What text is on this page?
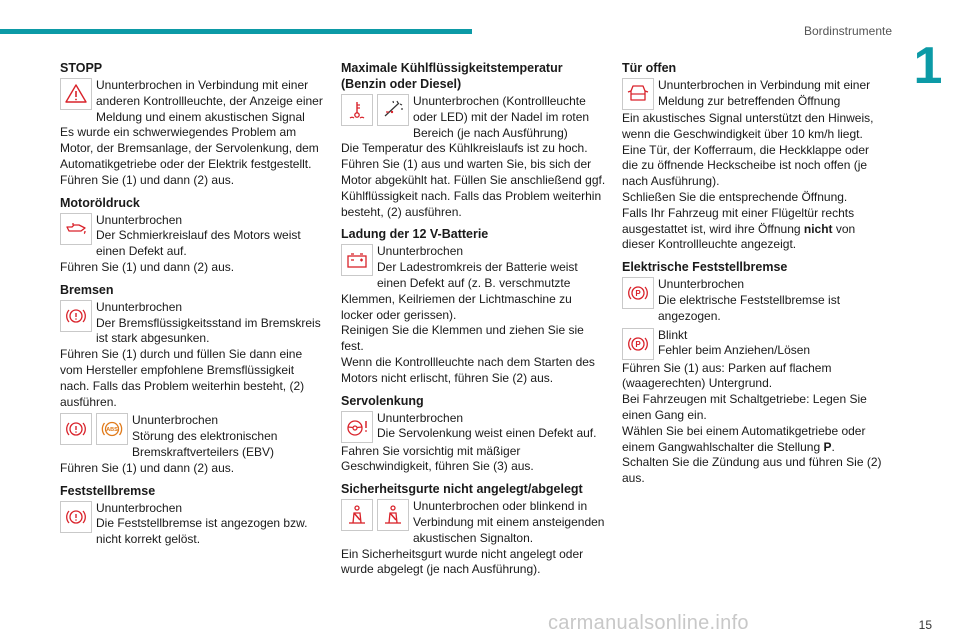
Bordinstrumente
1
STOPP
Ununterbrochen in Verbindung mit einer anderen Kontrollleuchte, der Anzeige einer Meldung und einem akustischen Signal
Es wurde ein schwerwiegendes Problem am Motor, der Bremsanlage, der Servolenkung, dem Automatikgetriebe oder der Elektrik festgestellt.
Führen Sie (1) und dann (2) aus.
Motoröldruck
Ununterbrochen
Der Schmierkreislauf des Motors weist einen Defekt auf.
Führen Sie (1) und dann (2) aus.
Bremsen
Ununterbrochen
Der Bremsflüssigkeitsstand im Bremskreis ist stark abgesunken.
Führen Sie (1) durch und füllen Sie dann eine vom Hersteller empfohlene Bremsflüssigkeit nach. Falls das Problem weiterhin besteht, (2) ausführen.
ABS
Ununterbrochen
Störung des elektronischen Bremskraftverteilers (EBV)
Führen Sie (1) und dann (2) aus.
Feststellbremse
Ununterbrochen
Die Feststellbremse ist angezogen bzw. nicht korrekt gelöst.
Maximale Kühlflüssigkeitstemperatur (Benzin oder Diesel)
Ununterbrochen (Kontrollleuchte oder LED) mit der Nadel im roten Bereich (je nach Ausführung)
Die Temperatur des Kühlkreislaufs ist zu hoch.
Führen Sie (1) aus und warten Sie, bis sich der Motor abgekühlt hat. Füllen Sie anschließend ggf. Kühlflüssigkeit nach. Falls das Problem weiterhin besteht, (2) ausführen.
Ladung der 12 V-Batterie
Ununterbrochen
Der Ladestromkreis der Batterie weist einen Defekt auf (z. B. verschmutzte Klemmen, Keilriemen der Lichtmaschine zu locker oder gerissen).
Reinigen Sie die Klemmen und ziehen Sie sie fest.
Wenn die Kontrollleuchte nach dem Starten des Motors nicht erlischt, führen Sie (2) aus.
Servolenkung
Ununterbrochen
Die Servolenkung weist einen Defekt auf.
Fahren Sie vorsichtig mit mäßiger Geschwindigkeit, führen Sie (3) aus.
Sicherheitsgurte nicht angelegt/abgelegt
Ununterbrochen oder blinkend in Verbindung mit einem ansteigenden akustischen Signalton.
Ein Sicherheitsgurt wurde nicht angelegt oder wurde abgelegt (je nach Ausführung).
Tür offen
Ununterbrochen in Verbindung mit einer Meldung zur betreffenden Öffnung
Ein akustisches Signal unterstützt den Hinweis, wenn die Geschwindigkeit über 10 km/h liegt.
Eine Tür, der Kofferraum, die Heckklappe oder die zu öffnende Heckscheibe ist noch offen (je nach Ausführung).
Schließen Sie die entsprechende Öffnung.
Falls Ihr Fahrzeug mit einer Flügeltür rechts ausgestattet ist, wird ihre Öffnung nicht von dieser Kontrollleuchte angezeigt.
Elektrische Feststellbremse
P
Ununterbrochen
Die elektrische Feststellbremse ist angezogen.
P
Blinkt
Fehler beim Anziehen/Lösen
Führen Sie (1) aus: Parken auf flachem (waagerechten) Untergrund.
Bei Fahrzeugen mit Schaltgetriebe: Legen Sie einen Gang ein.
Wählen Sie bei einem Automatikgetriebe oder einem Gangwahlschalter die Stellung P.
Schalten Sie die Zündung aus und führen Sie (2) aus.
carmanualsonline.info	15
